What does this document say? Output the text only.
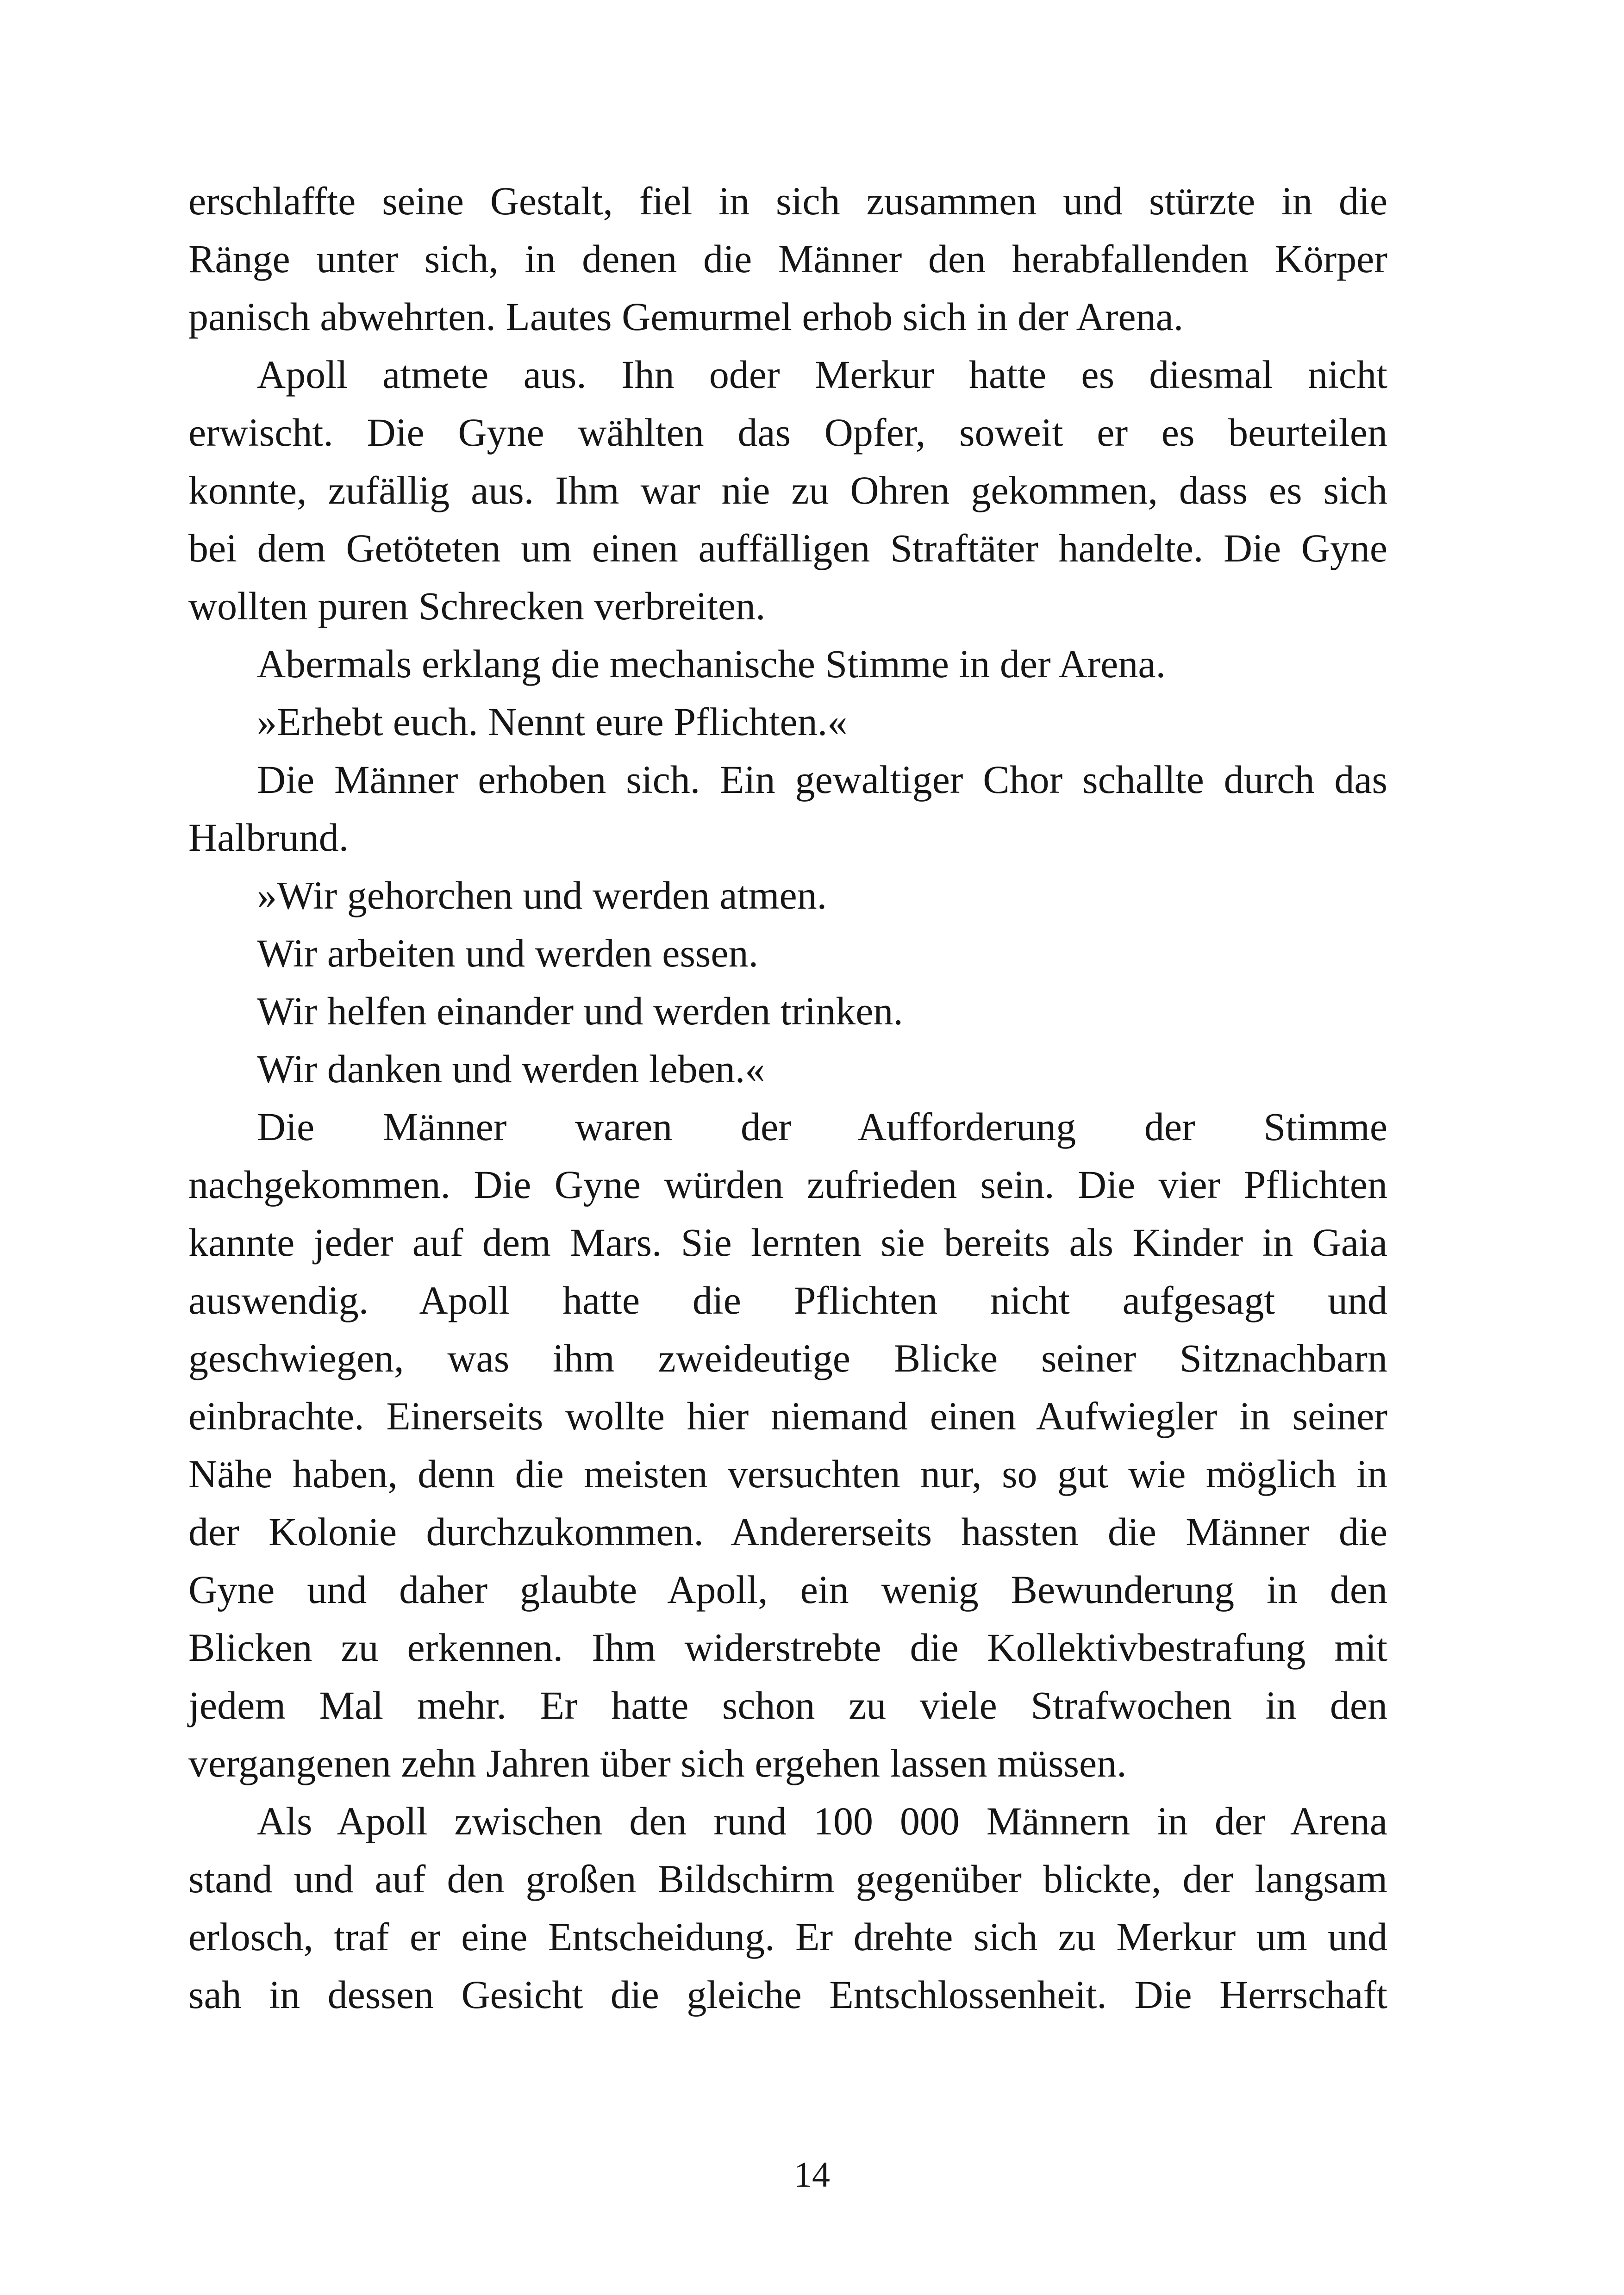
erschlaffte seine Gestalt, fiel in sich zusammen und stürzte in die
Ränge unter sich, in denen die Männer den herabfallenden Körper
panisch abwehrten. Lautes Gemurmel erhob sich in der Arena.
Apoll atmete aus. Ihn oder Merkur hatte es diesmal nicht
erwischt. Die Gyne wählten das Opfer, soweit er es beurteilen
konnte, zufällig aus. Ihm war nie zu Ohren gekommen, dass es sich
bei dem Getöteten um einen auffälligen Straftäter handelte. Die Gyne
wollten puren Schrecken verbreiten.
Abermals erklang die mechanische Stimme in der Arena.
»Erhebt euch. Nennt eure Pflichten.«
Die Männer erhoben sich. Ein gewaltiger Chor schallte durch das
Halbrund.
»Wir gehorchen und werden atmen.
Wir arbeiten und werden essen.
Wir helfen einander und werden trinken.
Wir danken und werden leben.«
Die Männer waren der Aufforderung der Stimme
nachgekommen. Die Gyne würden zufrieden sein. Die vier Pflichten
kannte jeder auf dem Mars. Sie lernten sie bereits als Kinder in Gaia
auswendig. Apoll hatte die Pflichten nicht aufgesagt und
geschwiegen, was ihm zweideutige Blicke seiner Sitznachbarn
einbrachte. Einerseits wollte hier niemand einen Aufwiegler in seiner
Nähe haben, denn die meisten versuchten nur, so gut wie möglich in
der Kolonie durchzukommen. Andererseits hassten die Männer die
Gyne und daher glaubte Apoll, ein wenig Bewunderung in den
Blicken zu erkennen. Ihm widerstrebte die Kollektivbestrafung mit
jedem Mal mehr. Er hatte schon zu viele Strafwochen in den
vergangenen zehn Jahren über sich ergehen lassen müssen.
Als Apoll zwischen den rund 100 000 Männern in der Arena
stand und auf den großen Bildschirm gegenüber blickte, der langsam
erlosch, traf er eine Entscheidung. Er drehte sich zu Merkur um und
sah in dessen Gesicht die gleiche Entschlossenheit. Die Herrschaft
14
